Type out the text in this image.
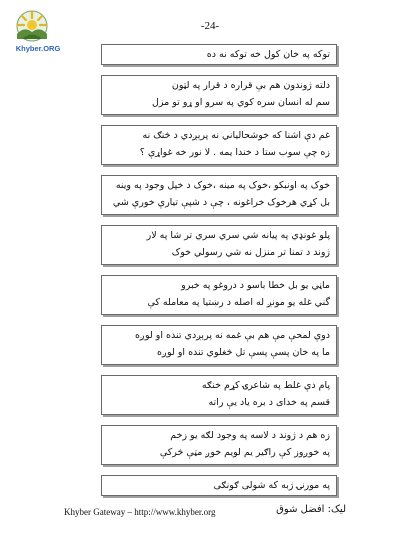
Khyber.ORG
-24-
توکه په خان کول خه توکه نه ده
دلته ژوندون هم بې قراره د قرار په لټون
سم له انسان سره کوي په سرو او ړو تو مزل
غم دې اشنا که خوشحالياني نه پرېږدي د څنګ نه
زه چې سوب ستا د خندا یمه . لا نور خه غواړې ؟
خوک په اونبکو ،خوک په مينه ،خوک د خپل وجود په وينه
بل کړي هرخوک خراغونه ، چې د شپې تیارې خورې شي
پلو غونډي په پیانه شي سري سري تر شا په لار
ژوند د تمنا تر منزل نه شي رسولي خوک
ماڼي يو بل خطا باسو د دروغو په خبرو
گني غله یو مونږ له اصله د رښتيا په معامله کې
دوې لمحې مې هم بې غمه نه پرېږدي تنده او لوږه
ما په خان پسې پسې تل څغلوي تنده او لوږه
پام دې غلط په شاعرۍ کړم خنګه
قسم په خدای د بره یاد یې راته
زه هم د ژوند د لاسه په وجود لګه یو زخم
په خوږوز کې راګیر یم لویم خوږ مټې څرکې
په مورنۍ ژبه که شولی ګونګی
Khyber Gateway – http://www.khyber.org	لیک: افضل شوق
